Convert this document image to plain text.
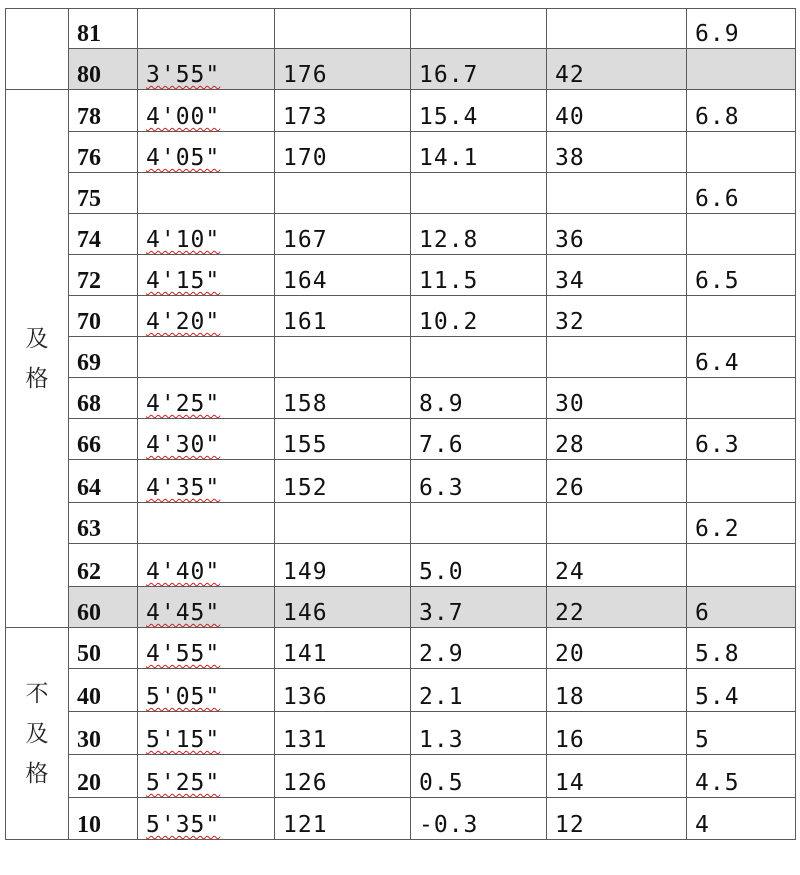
	81					6.9
	80	3'55"	176	16.7	42	

及
格	78	4'00"	173	15.4	40	6.8
	76	4'05"	170	14.1	38	
	75					6.6
	74	4'10"	167	12.8	36	
	72	4'15"	164	11.5	34	6.5
	70	4'20"	161	10.2	32	
	69					6.4
	68	4'25"	158	8.9	30	
	66	4'30"	155	7.6	28	6.3
	64	4'35"	152	6.3	26	
	63					6.2
	62	4'40"	149	5.0	24	
	60	4'45"	146	3.7	22	6

不
及
格	50	4'55"	141	2.9	20	5.8
	40	5'05"	136	2.1	18	5.4
	30	5'15"	131	1.3	16	5
	20	5'25"	126	0.5	14	4.5
	10	5'35"	121	-0.3	12	4
